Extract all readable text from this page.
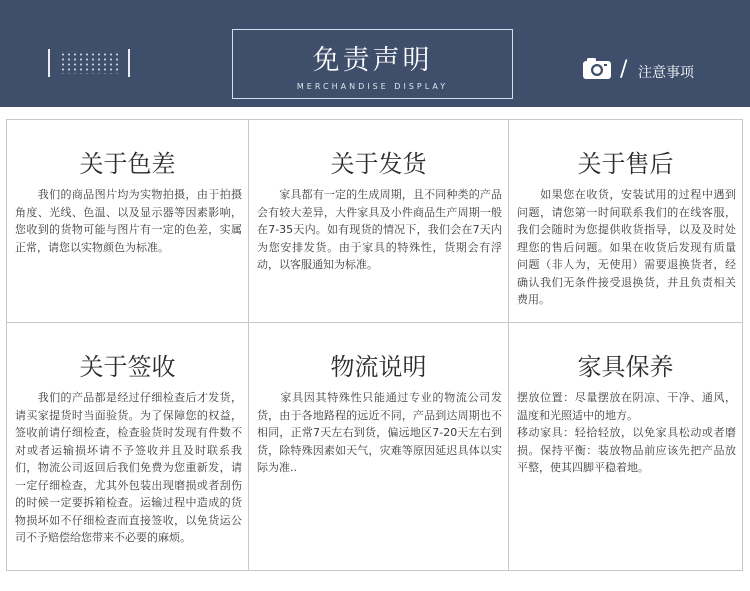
免责声明
MERCHANDISE DISPLAY
/ 注意事项
关于色差

　　我们的商品图片均为实物拍摄，由于拍摄角度、光线、色温、以及显示器等因素影响，您收到的货物可能与图片有一定的色差，实属正常，请您以实物颜色为标准。

关于发货

　　家具都有一定的生成周期，且不同种类的产品会有较大差异，大件家具及小件商品生产周期一般在7-35天内。如有现货的情况下，我们会在7天内为您安排发货。由于家具的特殊性，货期会有浮动，以客服通知为标准。

关于售后

　　如果您在收货，安装试用的过程中遇到问题，请您第一时间联系我们的在线客服，我们会随时为您提供收货指导，以及及时处理您的售后问题。如果在收货后发现有质量问题（非人为，无使用）需要退换货者，经确认我们无条件接受退换货，并且负责相关费用。

关于签收

　　我们的产品都是经过仔细检查后才发货，请买家提货时当面验货。为了保障您的权益，签收前请仔细检查，检查验货时发现有件数不对或者运输损坏请不予签收并且及时联系我们，物流公司返回后我们免费为您重新发，请一定仔细检查，尤其外包装出现磨损或者刮伤的时候一定要拆箱检查。运输过程中造成的货物损坏如不仔细检查而直接签收，以免货运公司不予赔偿给您带来不必要的麻烦。

物流说明

　　家具因其特殊性只能通过专业的物流公司发货，由于各地路程的远近不同，产品到达周期也不相同，正常7天左右到货，偏远地区7-20天左右到货，除特殊因素如天气，灾难等原因延迟具体以实际为准..

家具保养

摆放位置：尽量摆放在阴凉、干净、通风，温度和光照适中的地方。
移动家具：轻拾轻放，以免家具松动或者磨损。保持平衡：装放物品前应该先把产品放平整，使其四脚平稳着地。
